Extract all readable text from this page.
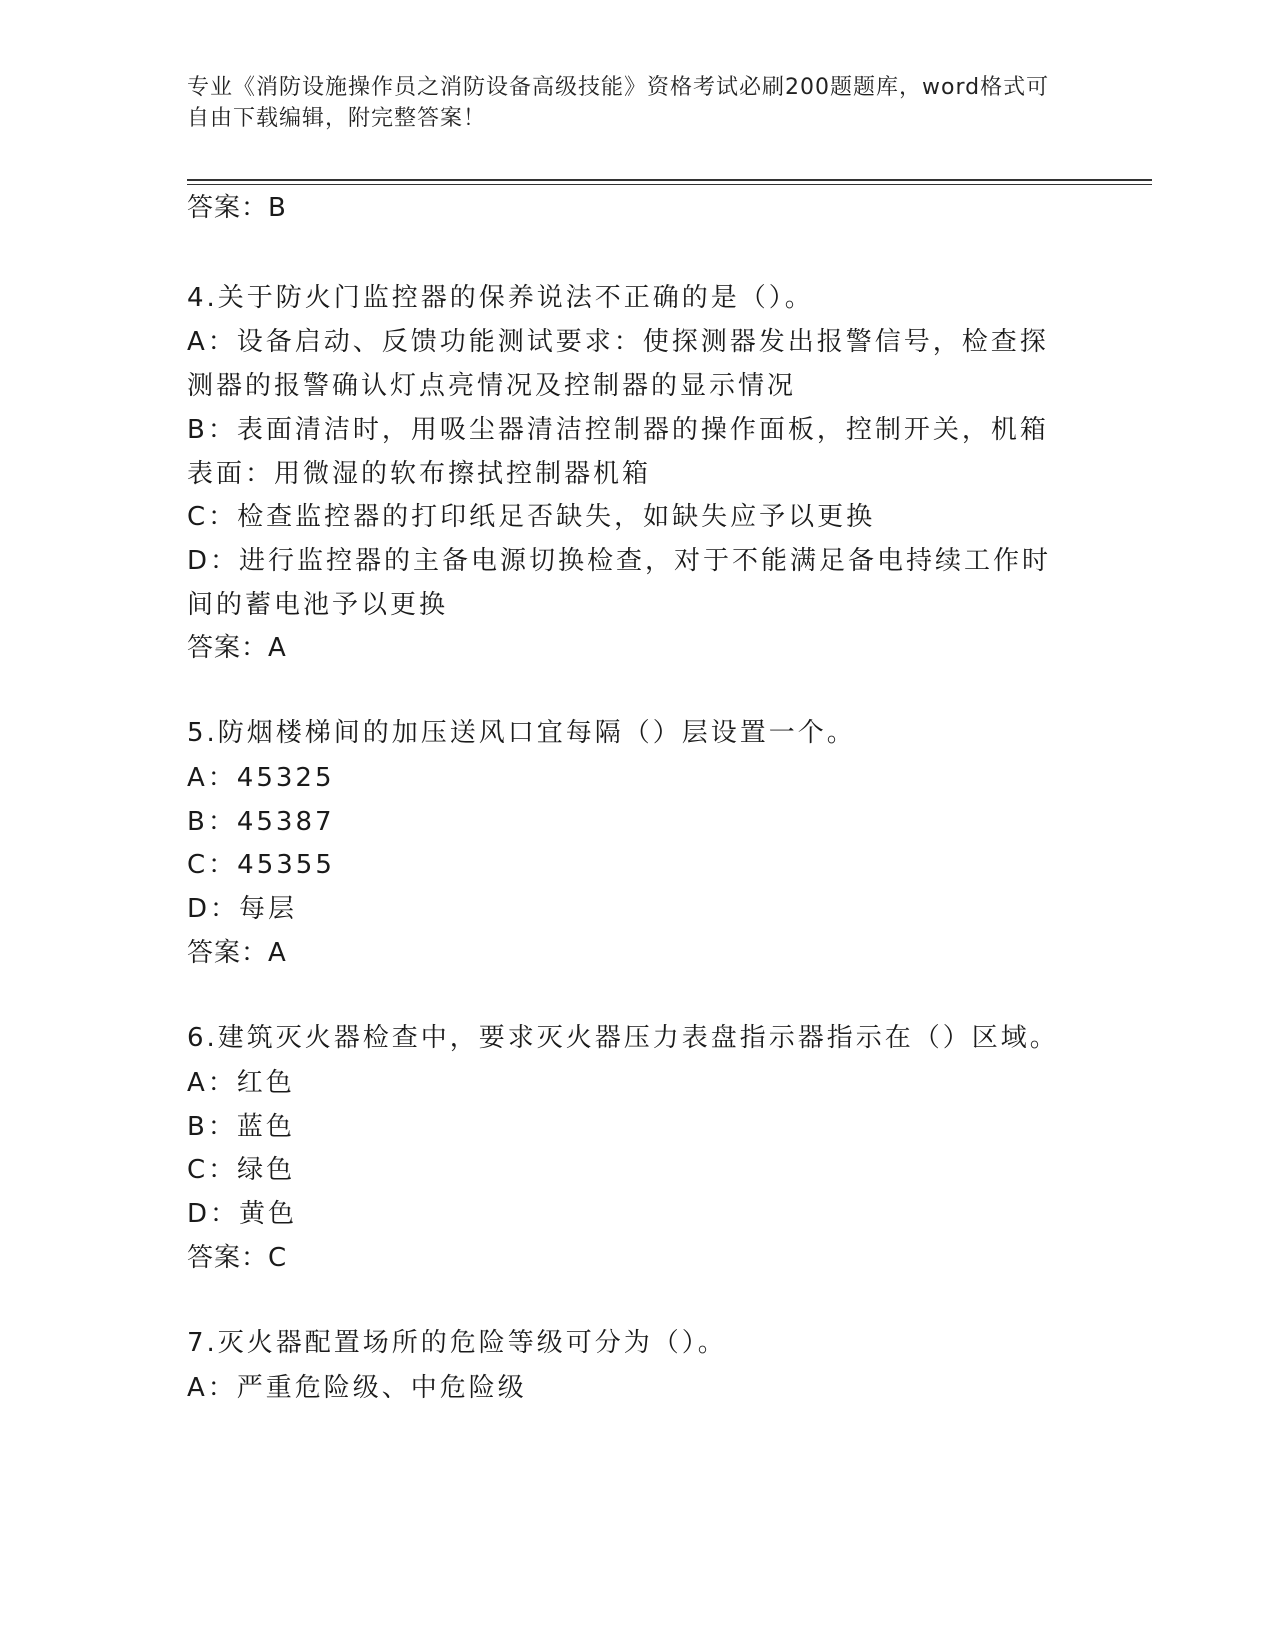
专业《消防设施操作员之消防设备高级技能》资格考试必刷200题题库，word格式可自由下载编辑，附完整答案！
答案：B
4.关于防火门监控器的保养说法不正确的是（）。
A：设备启动、反馈功能测试要求：使探测器发出报警信号，检查探测器的报警确认灯点亮情况及控制器的显示情况
B：表面清洁时，用吸尘器清洁控制器的操作面板，控制开关，机箱表面：用微湿的软布擦拭控制器机箱
C：检查监控器的打印纸足否缺失，如缺失应予以更换
D：进行监控器的主备电源切换检查，对于不能满足备电持续工作时间的蓄电池予以更换
答案：A
5.防烟楼梯间的加压送风口宜每隔（）层设置一个。
A：45325
B：45387
C：45355
D：每层
答案：A
6.建筑灭火器检查中，要求灭火器压力表盘指示器指示在（）区域。
A：红色
B：蓝色
C：绿色
D：黄色
答案：C
7.灭火器配置场所的危险等级可分为（）。
A：严重危险级、中危险级
